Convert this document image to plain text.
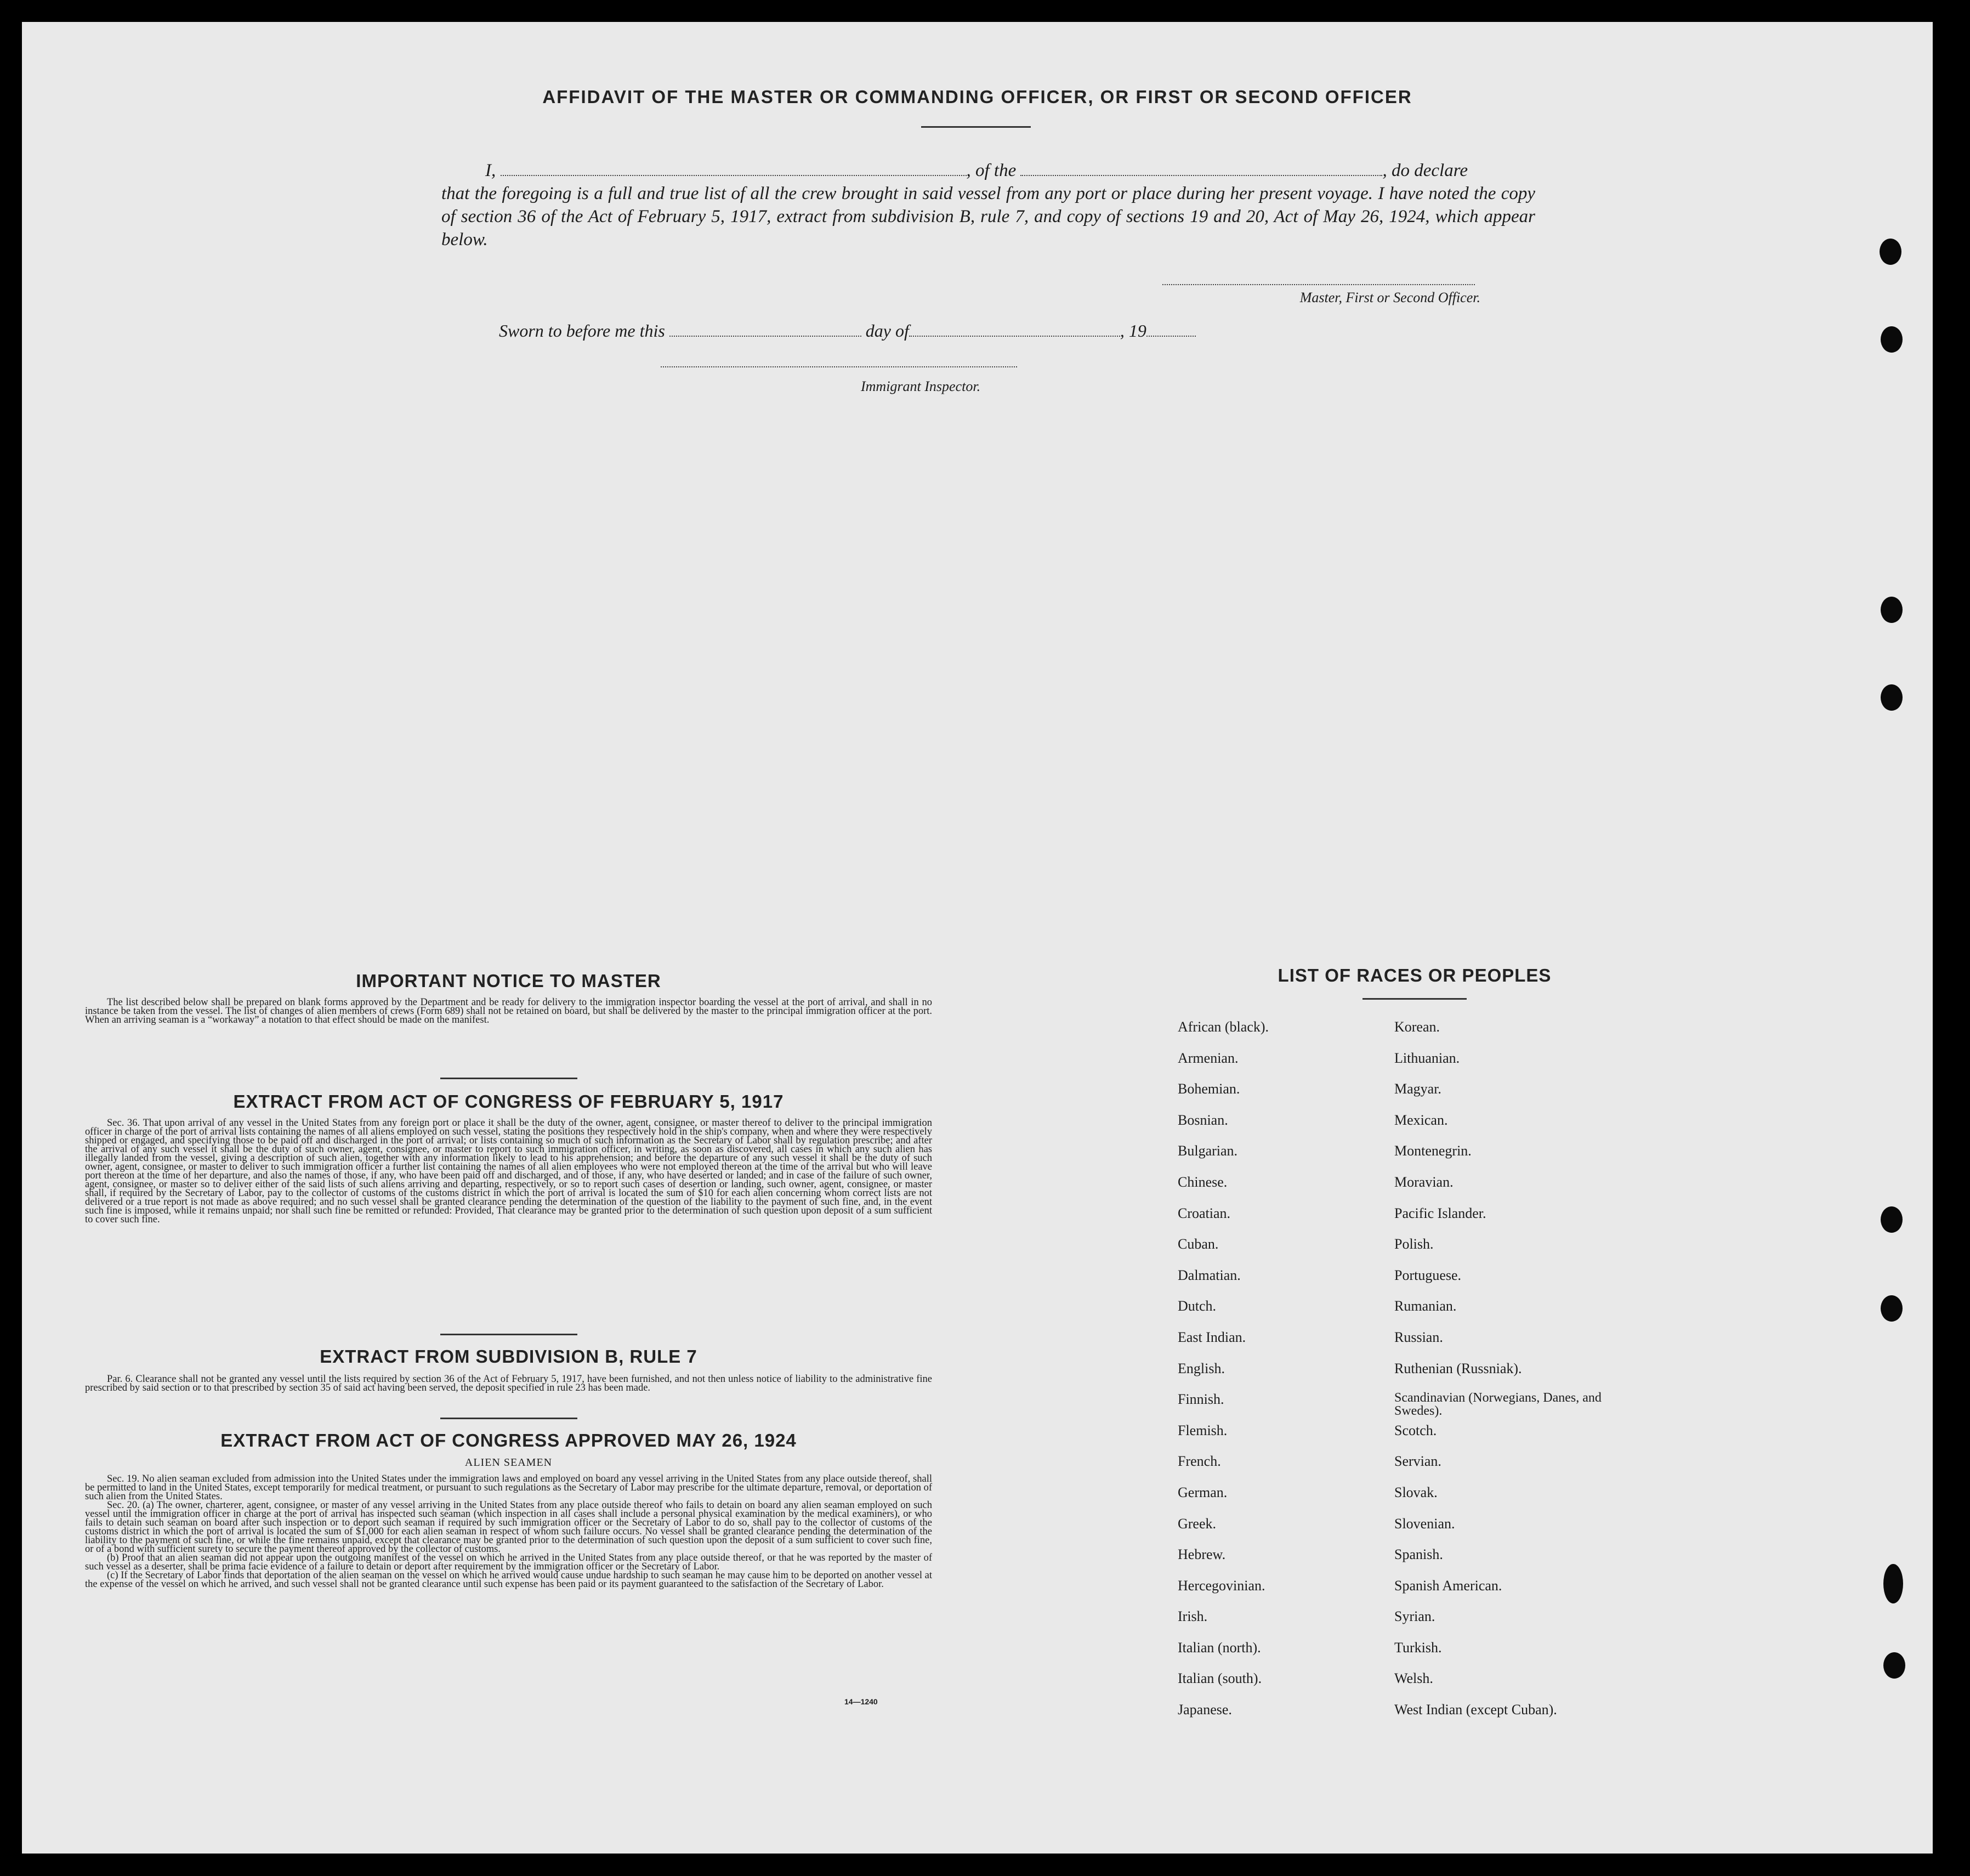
AFFIDAVIT OF THE MASTER OR COMMANDING OFFICER, OR FIRST OR SECOND OFFICER
I,	, of the	, do declare
that the foregoing is a full and true list of all the crew brought in said vessel from any port or place during her present voyage. I have noted the copy of section 36 of the Act of February 5, 1917, extract from subdivision B, rule 7, and copy of sections 19 and 20, Act of May 26, 1924, which appear below.
Master, First or Second Officer.
Sworn to before me this	day of	, 19
Immigrant Inspector.
IMPORTANT NOTICE TO MASTER

The list described below shall be prepared on blank forms approved by the Department and be ready for delivery to the immigration inspector boarding the vessel at the port of arrival, and shall in no instance be taken from the vessel. The list of changes of alien members of crews (Form 689) shall not be retained on board, but shall be delivered by the master to the principal immigration officer at the port. When an arriving seaman is a “workaway” a notation to that effect should be made on the manifest.

EXTRACT FROM ACT OF CONGRESS OF FEBRUARY 5, 1917

Sec. 36. That upon arrival of any vessel in the United States from any foreign port or place it shall be the duty of the owner, agent, consignee, or master thereof to deliver to the principal immigration officer in charge of the port of arrival lists containing the names of all aliens employed on such vessel, stating the positions they respectively hold in the ship's company, when and where they were respectively shipped or engaged, and specifying those to be paid off and discharged in the port of arrival; or lists containing so much of such information as the Secretary of Labor shall by regulation prescribe; and after the arrival of any such vessel it shall be the duty of such owner, agent, consignee, or master to report to such immigration officer, in writing, as soon as discovered, all cases in which any such alien has illegally landed from the vessel, giving a description of such alien, together with any information likely to lead to his apprehension; and before the departure of any such vessel it shall be the duty of such owner, agent, consignee, or master to deliver to such immigration officer a further list containing the names of all alien employees who were not employed thereon at the time of the arrival but who will leave port thereon at the time of her departure, and also the names of those, if any, who have been paid off and discharged, and of those, if any, who have deserted or landed; and in case of the failure of such owner, agent, consignee, or master so to deliver either of the said lists of such aliens arriving and departing, respectively, or so to report such cases of desertion or landing, such owner, agent, consignee, or master shall, if required by the Secretary of Labor, pay to the collector of customs of the customs district in which the port of arrival is located the sum of $10 for each alien concerning whom correct lists are not delivered or a true report is not made as above required; and no such vessel shall be granted clearance pending the determination of the question of the liability to the payment of such fine, and, in the event such fine is imposed, while it remains unpaid; nor shall such fine be remitted or refunded: Provided, That clearance may be granted prior to the determination of such question upon deposit of a sum sufficient to cover such fine.

EXTRACT FROM SUBDIVISION B, RULE 7

Par. 6. Clearance shall not be granted any vessel until the lists required by section 36 of the Act of February 5, 1917, have been furnished, and not then unless notice of liability to the administrative fine prescribed by said section or to that prescribed by section 35 of said act having been served, the deposit specified in rule 23 has been made.

EXTRACT FROM ACT OF CONGRESS APPROVED MAY 26, 1924
ALIEN SEAMEN

Sec. 19. No alien seaman excluded from admission into the United States under the immigration laws and employed on board any vessel arriving in the United States from any place outside thereof, shall be permitted to land in the United States, except temporarily for medical treatment, or pursuant to such regulations as the Secretary of Labor may prescribe for the ultimate departure, removal, or deportation of such alien from the United States.

Sec. 20. (a) The owner, charterer, agent, consignee, or master of any vessel arriving in the United States from any place outside thereof who fails to detain on board any alien seaman employed on such vessel until the immigration officer in charge at the port of arrival has inspected such seaman (which inspection in all cases shall include a personal physical examination by the medical examiners), or who fails to detain such seaman on board after such inspection or to deport such seaman if required by such immigration officer or the Secretary of Labor to do so, shall pay to the collector of customs of the customs district in which the port of arrival is located the sum of $1,000 for each alien seaman in respect of whom such failure occurs. No vessel shall be granted clearance pending the determination of the liability to the payment of such fine, or while the fine remains unpaid, except that clearance may be granted prior to the determination of such question upon the deposit of a sum sufficient to cover such fine, or of a bond with sufficient surety to secure the payment thereof approved by the collector of customs.

(b) Proof that an alien seaman did not appear upon the outgoing manifest of the vessel on which he arrived in the United States from any place outside thereof, or that he was reported by the master of such vessel as a deserter, shall be prima facie evidence of a failure to detain or deport after requirement by the immigration officer or the Secretary of Labor.

(c) If the Secretary of Labor finds that deportation of the alien seaman on the vessel on which he arrived would cause undue hardship to such seaman he may cause him to be deported on another vessel at the expense of the vessel on which he arrived, and such vessel shall not be granted clearance until such expense has been paid or its payment guaranteed to the satisfaction of the Secretary of Labor.

14—1240
LIST OF RACES OR PEOPLES
African (black).	Korean.
Armenian.	Lithuanian.
Bohemian.	Magyar.
Bosnian.	Mexican.
Bulgarian.	Montenegrin.
Chinese.	Moravian.
Croatian.	Pacific Islander.
Cuban.	Polish.
Dalmatian.	Portuguese.
Dutch.	Rumanian.
East Indian.	Russian.
English.	Ruthenian (Russniak).
Finnish.	Scandinavian (Norwegians, Danes, and Swedes).
Flemish.	Scotch.
French.	Servian.
German.	Slovak.
Greek.	Slovenian.
Hebrew.	Spanish.
Hercegovinian.	Spanish American.
Irish.	Syrian.
Italian (north).	Turkish.
Italian (south).	Welsh.
Japanese.	West Indian (except Cuban).
